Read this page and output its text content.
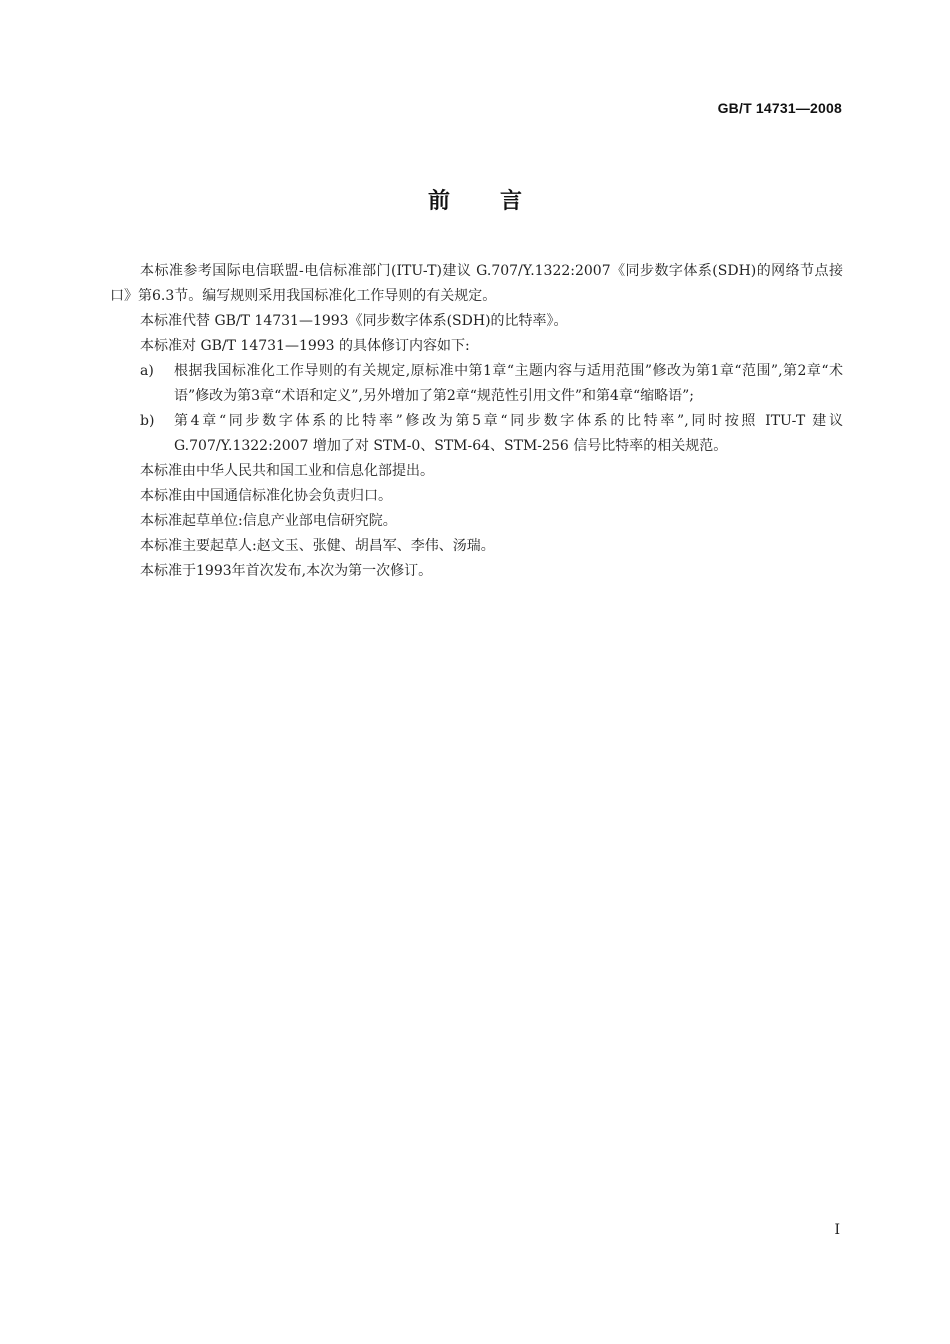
GB/T 14731—2008
前言

本标准参考国际电信联盟-电信标准部门(ITU-T)建议 G.707/Y.1322:2007《同步数字体系(SDH)的网络节点接口》第6.3节。编写规则采用我国标准化工作导则的有关规定。

本标准代替 GB/T 14731—1993《同步数字体系(SDH)的比特率》。

本标准对 GB/T 14731—1993 的具体修订内容如下:

a)	根据我国标准化工作导则的有关规定,原标准中第1章“主题内容与适用范围”修改为第1章“范围”,第2章“术语”修改为第3章“术语和定义”,另外增加了第2章“规范性引用文件”和第4章“缩略语”;
b)	第4章“同步数字体系的比特率”修改为第5章“同步数字体系的比特率”,同时按照 ITU-T 建议 G.707/Y.1322:2007 增加了对 STM-0、STM-64、STM-256 信号比特率的相关规范。

本标准由中华人民共和国工业和信息化部提出。

本标准由中国通信标准化协会负责归口。

本标准起草单位:信息产业部电信研究院。

本标准主要起草人:赵文玉、张健、胡昌军、李伟、汤瑞。

本标准于1993年首次发布,本次为第一次修订。

I
